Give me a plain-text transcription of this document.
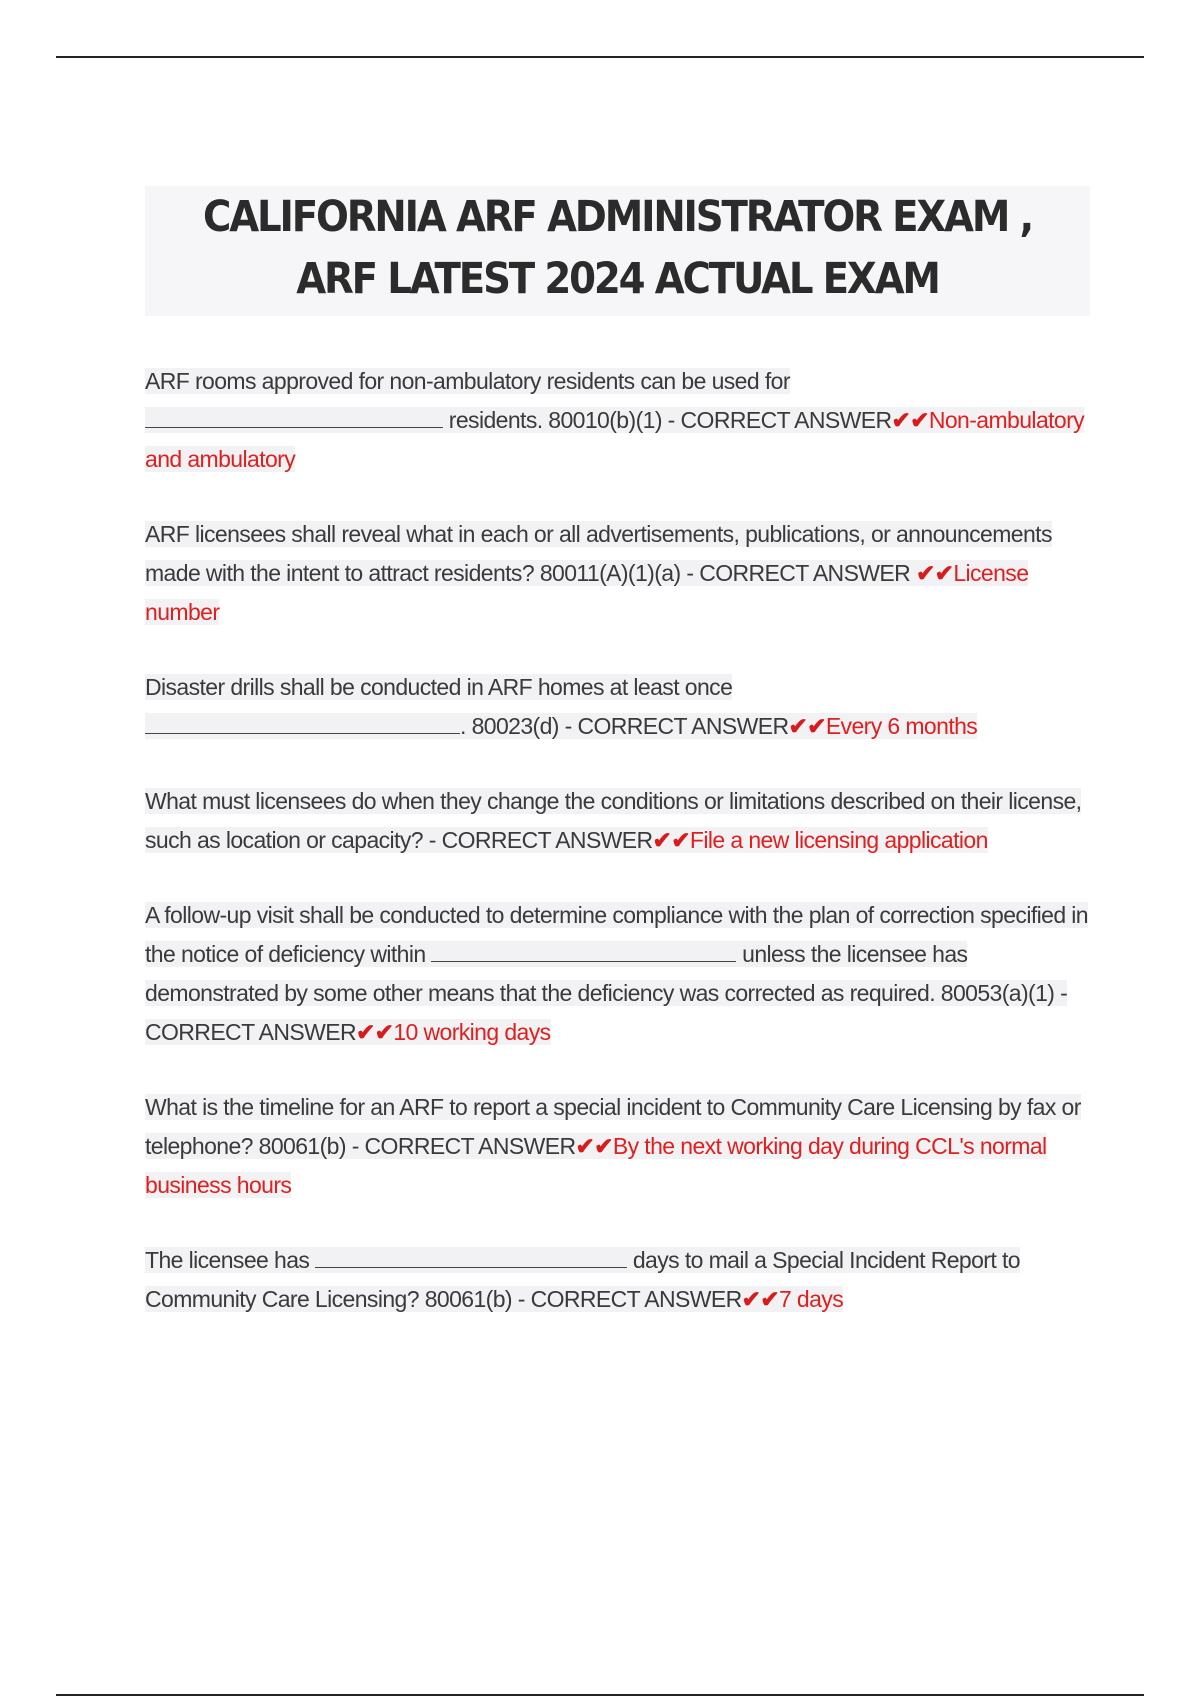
CALIFORNIA ARF ADMINISTRATOR EXAM , ARF LATEST 2024 ACTUAL EXAM
ARF rooms approved for non-ambulatory residents can be used for
residents. 80010(b)(1) - CORRECT ANSWER✔✔Non-ambulatory and ambulatory
ARF licensees shall reveal what in each or all advertisements, publications, or announcements made with the intent to attract residents? 80011(A)(1)(a) - CORRECT ANSWER ✔✔License number
Disaster drills shall be conducted in ARF homes at least once
. 80023(d) - CORRECT ANSWER✔✔Every 6 months
What must licensees do when they change the conditions or limitations described on their license, such as location or capacity? - CORRECT ANSWER✔✔File a new licensing application
A follow-up visit shall be conducted to determine compliance with the plan of correction specified in the notice of deficiency within	unless the licensee has demonstrated by some other means that the deficiency was corrected as required. 80053(a)(1) - CORRECT ANSWER✔✔10 working days
What is the timeline for an ARF to report a special incident to Community Care Licensing by fax or telephone? 80061(b) - CORRECT ANSWER✔✔By the next working day during CCL's normal business hours
The licensee has	days to mail a Special Incident Report to Community Care Licensing? 80061(b) - CORRECT ANSWER✔✔7 days
